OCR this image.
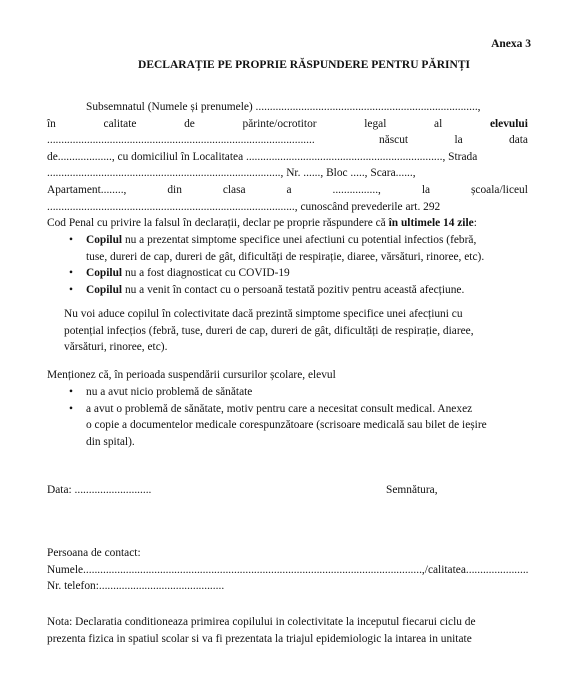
Anexa 3
DECLARAȚIE PE PROPRIE RĂSPUNDERE PENTRU PĂRINȚI
Subsemnatul (Numele și prenumele) ..............................................................................,
în	calitate	de	părinte/ocrotitor	legal	al	elevului
..............................................................................................	născut	la	data
de..................., cu domiciliul în Localitatea ....................................................................., Strada
.................................................................................., Nr. ......, Bloc ....., Scara......,
Apartament........,	din	clasa	a	................,	la	școala/liceul
......................................................................................., cunoscând prevederile art. 292
Cod Penal cu privire la falsul în declarații, declar pe proprie răspundere că
în ultimele 14 zile :
• Copilul nu a prezentat simptome specifice unei afectiuni cu potential infectios (febră,
tuse, dureri de cap, dureri de gât, dificultăți de respirație, diaree, vărsături, rinoree, etc).
• Copilul nu a fost diagnosticat cu COVID-19
• Copilul nu a venit în contact cu o persoană testată pozitiv pentru această afecțiune.
Nu voi aduce copilul în colectivitate dacă prezintă simptome specifice unei afecțiuni cu
potențial infecțios (febră, tuse, dureri de cap, dureri de gât, dificultăți de respirație, diaree,
vărsături, rinoree, etc).
Menționez că, în perioada suspendării cursurilor școlare, elevul
• nu a avut nicio problemă de sănătate
• a avut o problemă de sănătate, motiv pentru care a necesitat consult medical. Anexez
o copie a documentelor medicale corespunzătoare (scrisoare medicală sau bilet de ieșire
din spital).
Data: ...........................	Semnătura,
Persoana de contact:
Numele.......................................................................................................................,/calitatea......................
Nr. telefon:............................................
Nota: Declaratia conditioneaza primirea copilului in colectivitate la inceputul fiecarui ciclu de
prezenta fizica in spatiul scolar si va fi prezentata la triajul epidemiologic la intarea in unitate
